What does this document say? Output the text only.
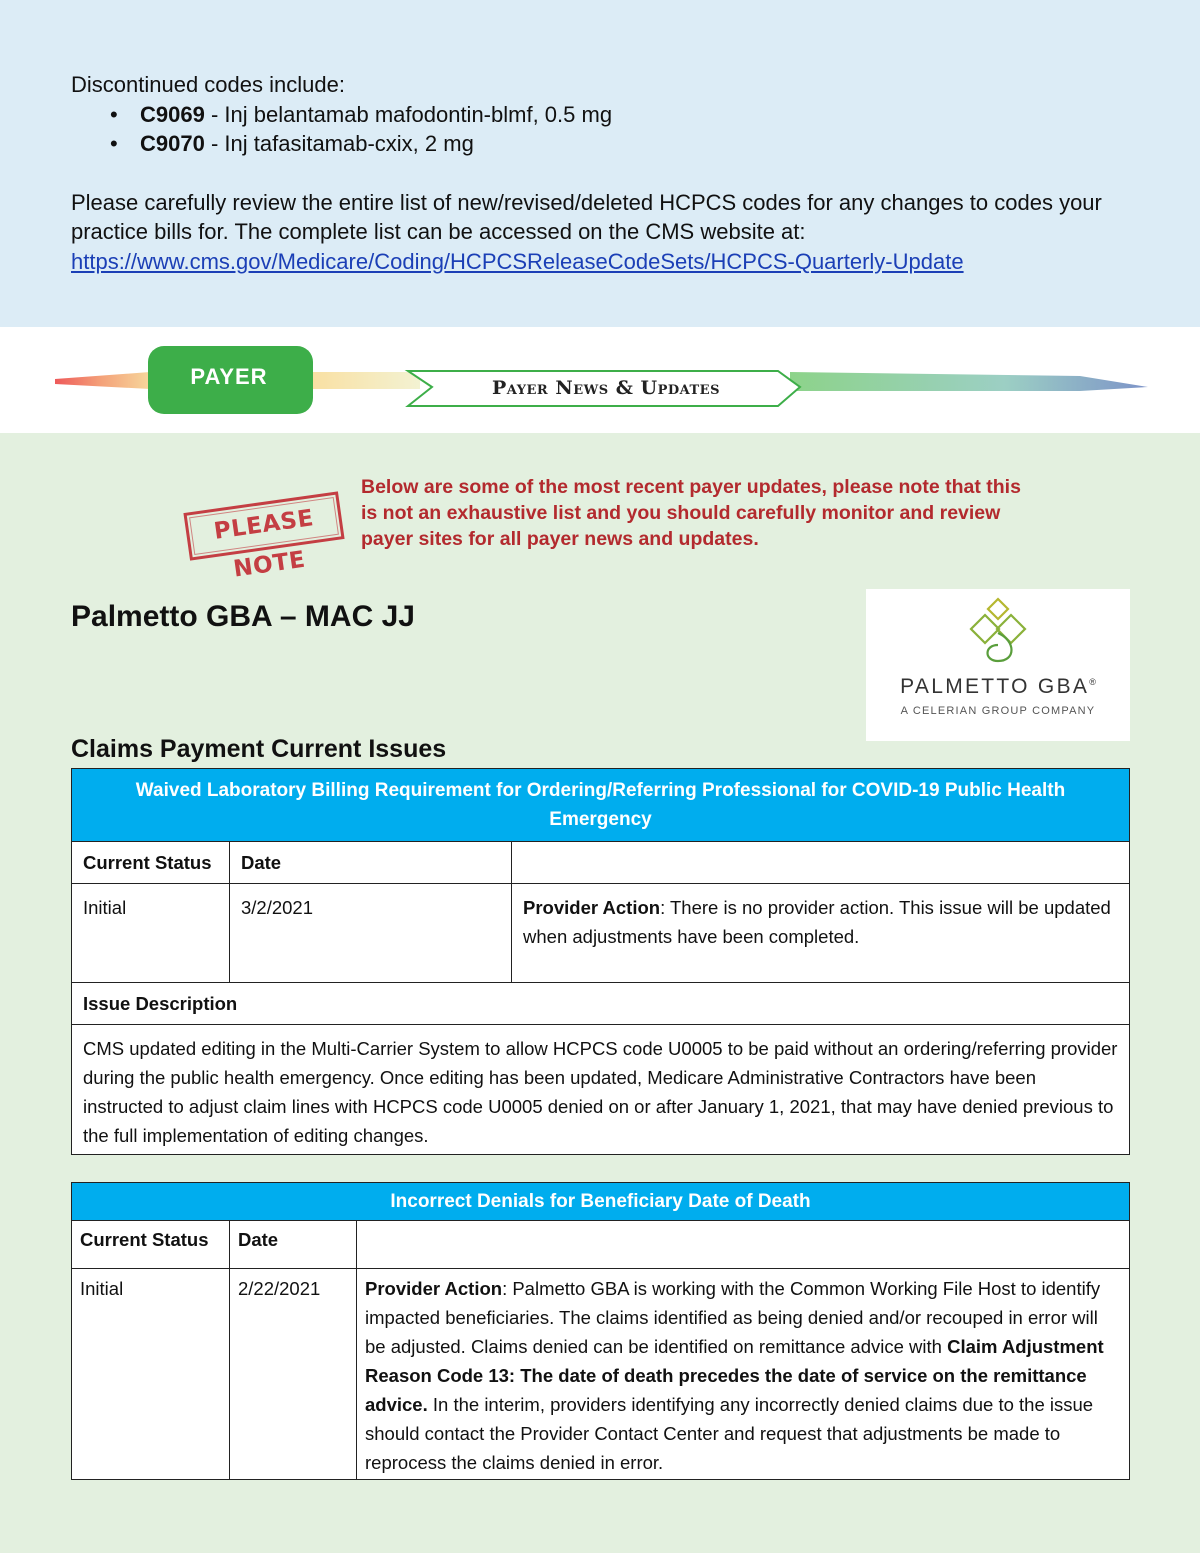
Discontinued codes include:

• C9069 - Inj belantamab mafodontin-blmf, 0.5 mg
• C9070 - Inj tafasitamab-cxix, 2 mg

Please carefully review the entire list of new/revised/deleted HCPCS codes for any changes to codes your practice bills for. The complete list can be accessed on the CMS website at:
https://www.cms.gov/Medicare/Coding/HCPCSReleaseCodeSets/HCPCS-Quarterly-Update

PAYER	Payer News & Updates
PLEASE NOTE
Below are some of the most recent payer updates, please note that this is not an exhaustive list and you should carefully monitor and review payer sites for all payer news and updates.
Palmetto GBA – MAC JJ
PALMETTO GBA®
A CELERIAN GROUP COMPANY
Claims Payment Current Issues
Waived Laboratory Billing Requirement for Ordering/Referring Professional for COVID-19 Public Health Emergency		
Current Status	Date	
Initial	3/2/2021	Provider Action: There is no provider action. This issue will be updated when adjustments have been completed.
Issue Description		
CMS updated editing in the Multi-Carrier System to allow HCPCS code U0005 to be paid without an ordering/referring provider during the public health emergency. Once editing has been updated, Medicare Administrative Contractors have been instructed to adjust claim lines with HCPCS code U0005 denied on or after January 1, 2021, that may have denied previous to the full implementation of editing changes.		
Incorrect Denials for Beneficiary Date of Death		
Current Status	Date	
Initial	2/22/2021	Provider Action: Palmetto GBA is working with the Common Working File Host to identify impacted beneficiaries. The claims identified as being denied and/or recouped in error will be adjusted. Claims denied can be identified on remittance advice with Claim Adjustment Reason Code 13: The date of death precedes the date of service on the remittance advice. In the interim, providers identifying any incorrectly denied claims due to the issue should contact the Provider Contact Center and request that adjustments be made to reprocess the claims denied in error.
